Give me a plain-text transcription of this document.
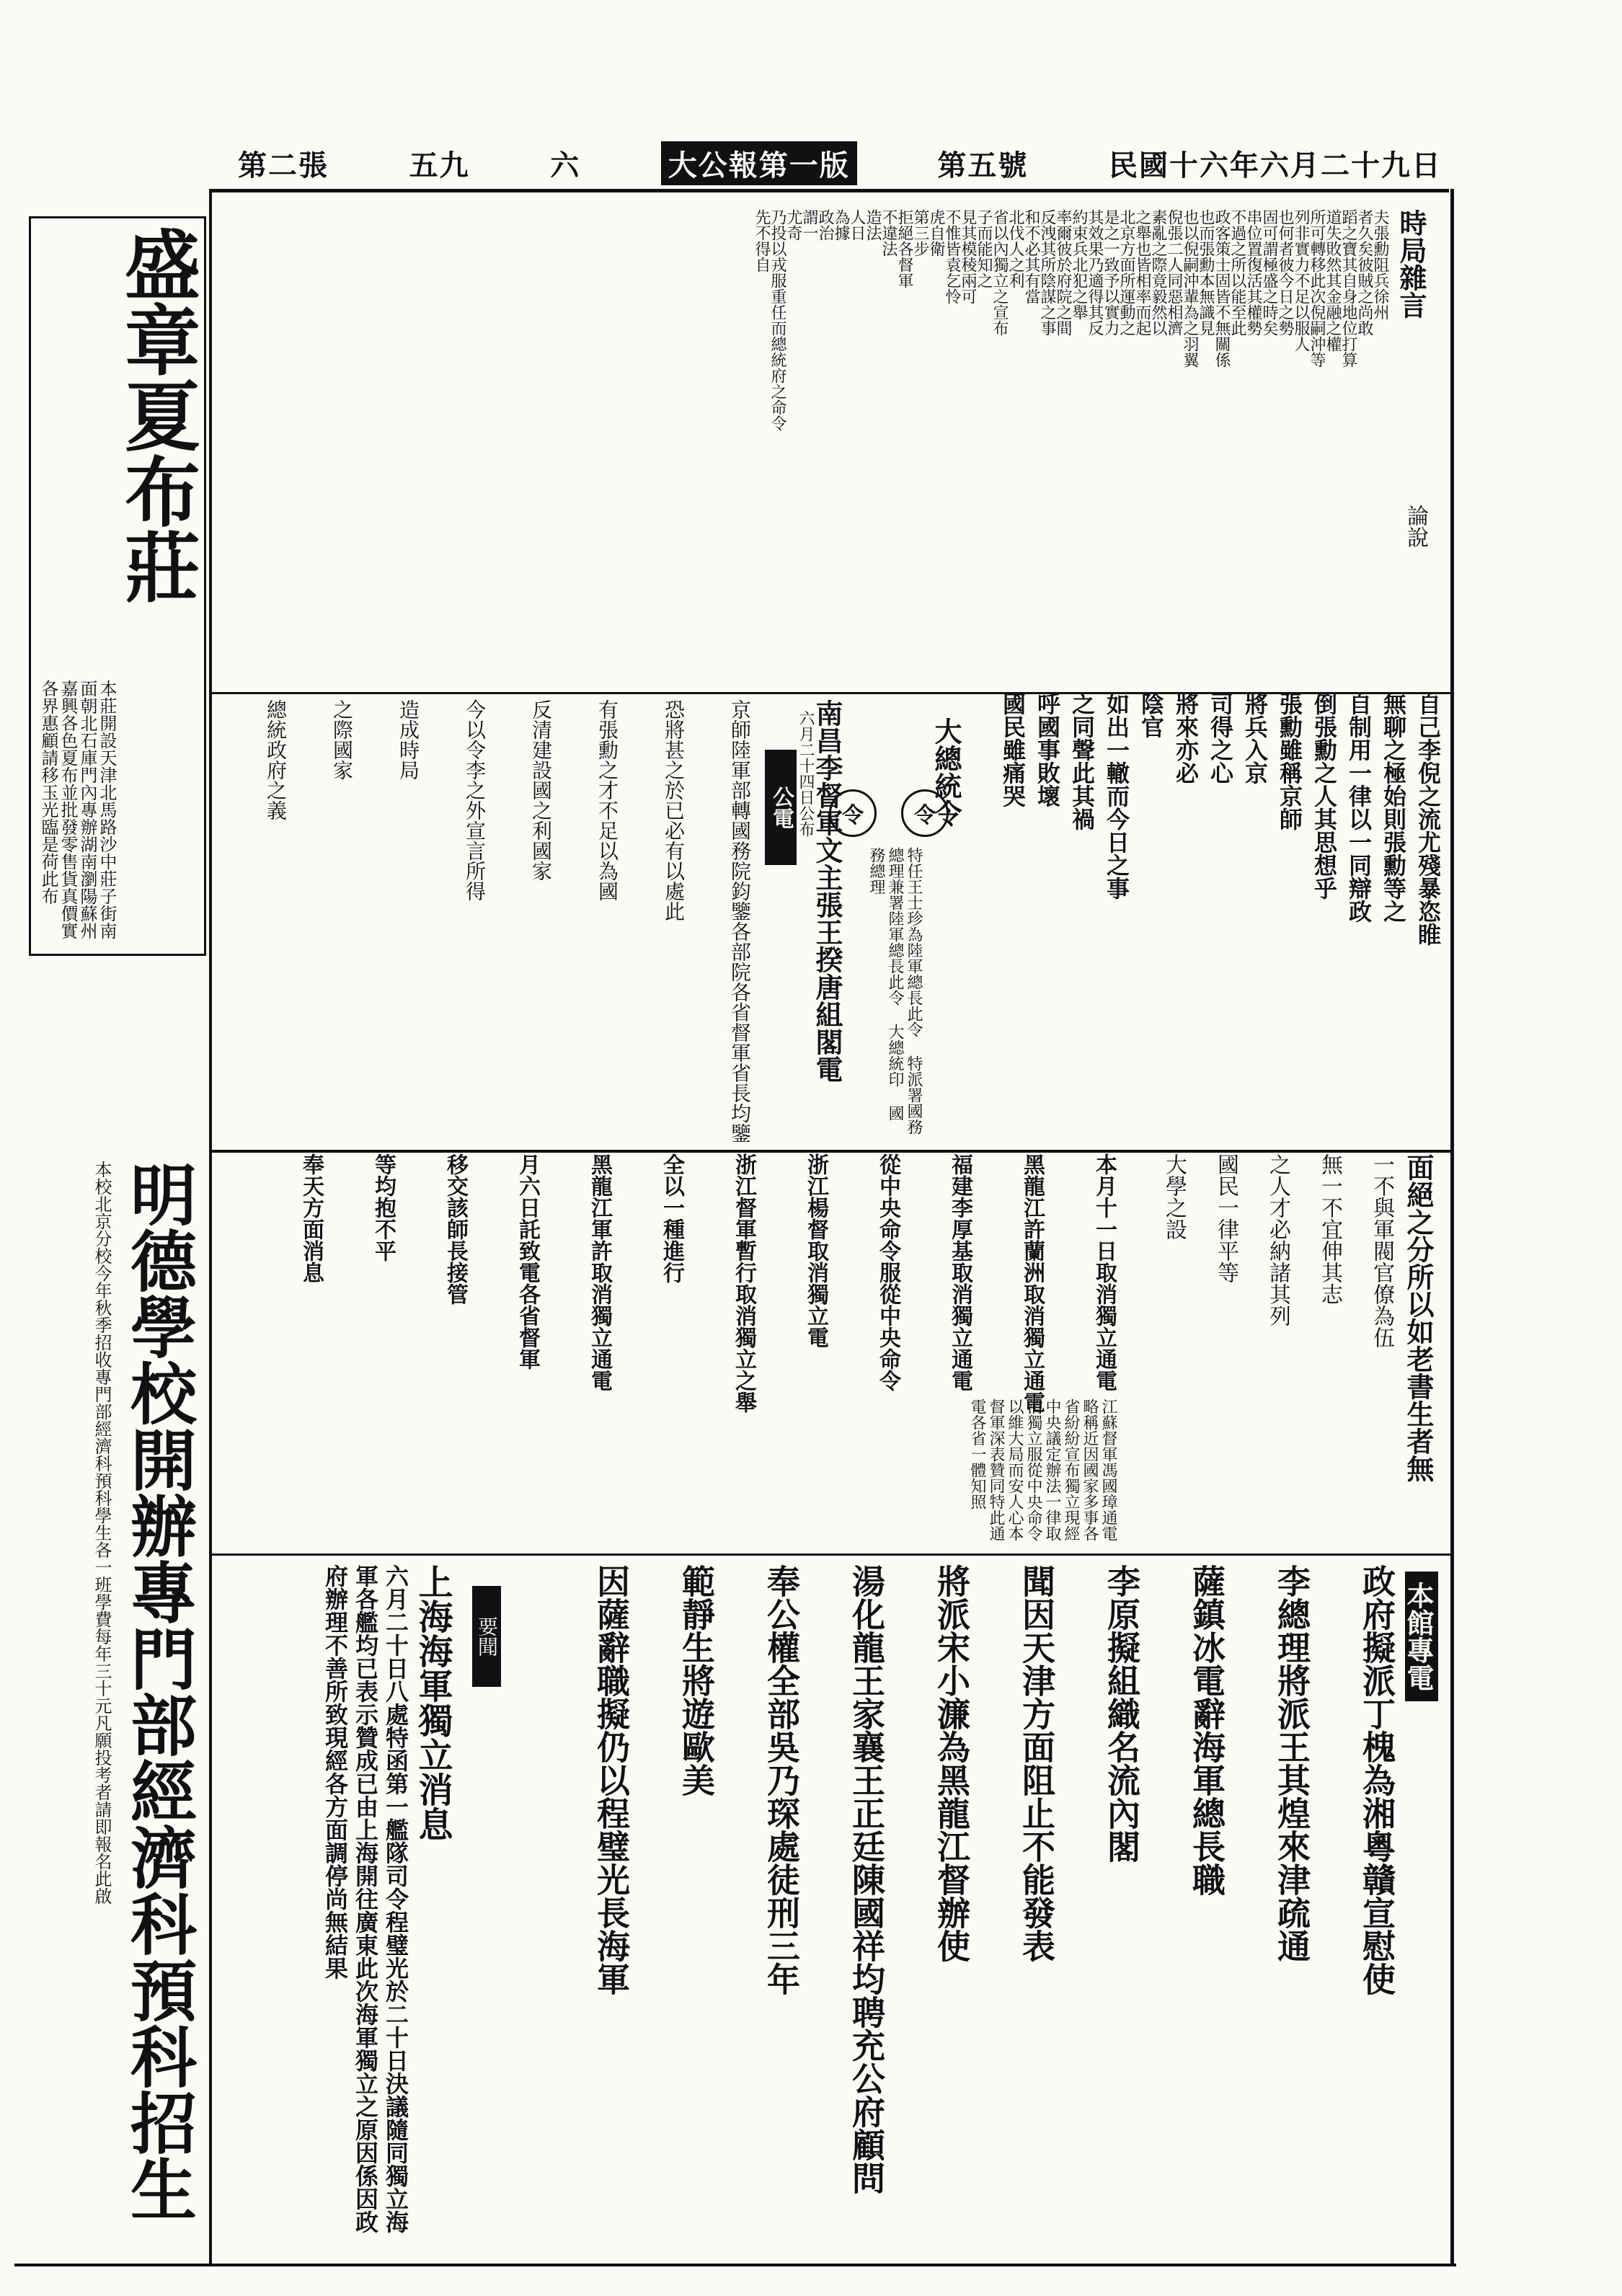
民國十六年六月二十九日
第五號
大公報第一版
六
五九
第二張
盛章夏布莊
本莊開設天津北馬路沙中莊子街南面朝北石庫門內專辦湖南瀏陽蘇州嘉興各色夏布並批發零售貨真價實各界惠顧請移玉光臨是荷此布
明德學校開辦專門部經濟科預科招生
本校北京分校今年秋季招收專門部經濟科預科學生各一班學費每年三十元凡願投考者請即報名此啟
時局雜言
論說
夫張勳阻兵徐州
者久矣彼賊之尚敢
蹈之寶其自身地位打算
道失敗然其金融之權
所可轉移此次倪嗣沖等
列非實力不足以服人
也何者彼今日之勢
固可謂極盛之時矣
串位置復活其權勢
不過之所以能至此
政客策士固皆不無關係
也而張勳本無識見
也以倪嗣沖輩為之羽翼
倪張二人同惡相濟
素亂之際竟毅然以
之舉也皆相率而起
北京方面所運動之
是之一致予以實力
其效果乃適得其反
約束兵北犯之舉
率爾彼於府院之間
反洩其所陰謀之事
和不必其有當
北伐人之利
省以內獨立之宣布
子而能知之
見其模稜兩可
不惟皆袁乞怜
虎自衛
第三步
拒絕各督軍
不違法
造法
人日
為據
政治
謂一
尤奇
乃投以戎服重任而總統府之命令
先不得自
自己李倪之流尤殘暴恣睢
無聊之極始則張勳等之
自制用一律以一同辯政
倒張勳之人其思想乎
張勳雖稱京師
將兵入京
司得之心
將來亦必
陰官
如出一轍而今日之事
之同聲此其禍
呼國事敗壞
國民雖痛哭
令
令	大總統令
特任王士珍為陸軍總長此令 特派署國務總理兼署陸軍總長此令 大總統印 國務總理
六月二十四日公布
南昌李督軍文主張王揆唐組閣電
公電
京師陸軍部轉國務院鈞鑒各部院各省督軍省長均鑒
恐將甚之於已必有以處此
有張勳之才不足以為國
反清建設國之利國家
今以令李之外宣言所得
造成時局
之際國家
總統政府之義
面絕之分所以如老書生者無
一不與軍閥官僚為伍
無一不宜伸其志
之人才必納諸其列
國民一律平等
大學之設
本月十一日取消獨立通電
黑龍江許蘭洲取消獨立通電
福建李厚基取消獨立通電
從中央命令服從中央命令
浙江楊督取消獨立電
浙江督軍暫行取消獨立之舉
全以一種進行
黑龍江軍許取消獨立通電
月六日託致電各省督軍
移交該師長接管
等均抱不平
奉天方面消息
江蘇督軍馮國璋通電略稱近因國家多事各省紛紛宣布獨立現經中央議定辦法一律取消獨立服從中央命令以維大局而安人心本督軍深表贊同特此通電各省一體知照
本館專電
政府擬派丁槐為湘粵贛宣慰使
李總理將派王其煌來津疏通
薩鎮冰電辭海軍總長職
李原擬組織名流內閣
聞因天津方面阻止不能發表
將派宋小濂為黑龍江督辦使
湯化龍王家襄王正廷陳國祥均聘充公府顧問
奉公權全部吳乃琛處徒刑三年
範靜生將遊歐美
因薩辭職擬仍以程璧光長海軍
要聞
上海海軍獨立消息
六月二十日八處特函第一艦隊司令程璧光於二十日決議隨同獨立海軍各艦均已表示贊成已由上海開往廣東此次海軍獨立之原因係因政府辦理不善所致現經各方面調停尚無結果
